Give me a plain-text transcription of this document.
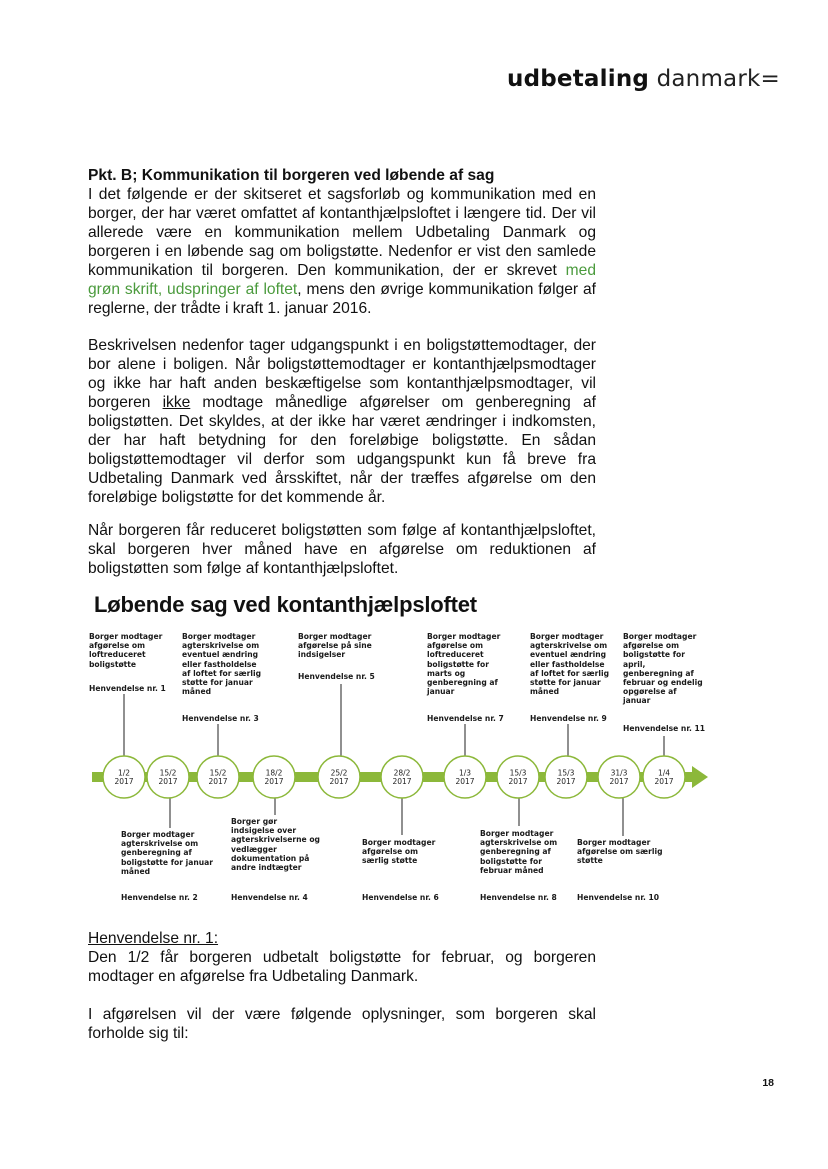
udbetaling danmark=
Pkt. B; Kommunikation til borgeren ved løbende af sag
I det følgende er der skitseret et sagsforløb og kommunikation med en borger, der har været omfattet af kontanthjælpsloftet i længere tid. Der vil allerede være en kommunikation mellem Udbetaling Danmark og borgeren i en løbende sag om boligstøtte. Nedenfor er vist den samlede kommunikation til borgeren. Den kommunikation, der er skrevet med grøn skrift, udspringer af loftet, mens den øvrige kommunikation følger af reglerne, der trådte i kraft 1. januar 2016.
Beskrivelsen nedenfor tager udgangspunkt i en boligstøttemodtager, der bor alene i boligen. Når boligstøttemodtager er kontanthjælpsmodtager og ikke har haft anden beskæftigelse som kontanthjælpsmodtager, vil borgeren ikke modtage månedlige afgørelser om genberegning af boligstøtten. Det skyldes, at der ikke har været ændringer i indkomsten, der har haft betydning for den foreløbige boligstøtte. En sådan boligstøttemodtager vil derfor som udgangspunkt kun få breve fra Udbetaling Danmark ved årsskiftet, når der træffes afgørelse om den foreløbige boligstøtte for det kommende år.
Når borgeren får reduceret boligstøtten som følge af kontanthjælpsloftet, skal borgeren hver måned have en afgørelse om reduktionen af boligstøtten som følge af kontanthjælpsloftet.
Løbende sag ved kontanthjælpsloftet
1/2
2017
15/2
2017
15/2
2017
18/2
2017
25/2
2017
28/2
2017
1/3
2017
15/3
2017
15/3
2017
31/3
2017
1/4
2017
Borger modtager
afgørelse om
loftreduceret
boligstøtte
Henvendelse nr. 1
Borger modtager
agterskrivelse om
eventuel ændring
eller fastholdelse
af loftet for særlig
støtte for januar
måned
Henvendelse nr. 3
Borger modtager
afgørelse på sine
indsigelser
Henvendelse nr. 5
Borger modtager
afgørelse om
loftreduceret
boligstøtte for
marts og
genberegning af
januar
Henvendelse nr. 7
Borger modtager
agterskrivelse om
eventuel ændring
eller fastholdelse
af loftet for særlig
støtte for januar
måned
Henvendelse nr. 9
Borger modtager
afgørelse om
boligstøtte for
april,
genberegning af
februar og endelig
opgørelse af
januar
Henvendelse nr. 11
Borger modtager
agterskrivelse om
genberegning af
boligstøtte for januar
måned
Henvendelse nr. 2
Borger gør
indsigelse over
agterskrivelserne og
vedlægger
dokumentation på
andre indtægter
Henvendelse nr. 4
Borger modtager
afgørelse om
særlig støtte
Henvendelse nr. 6
Borger modtager
agterskrivelse om
genberegning af
boligstøtte for
februar måned
Henvendelse nr. 8
Borger modtager
afgørelse om særlig
støtte
Henvendelse nr. 10
Henvendelse nr. 1:
Den 1/2 får borgeren udbetalt boligstøtte for februar, og borgeren modtager en afgørelse fra Udbetaling Danmark.
I afgørelsen vil der være følgende oplysninger, som borgeren skal forholde sig til:
18
